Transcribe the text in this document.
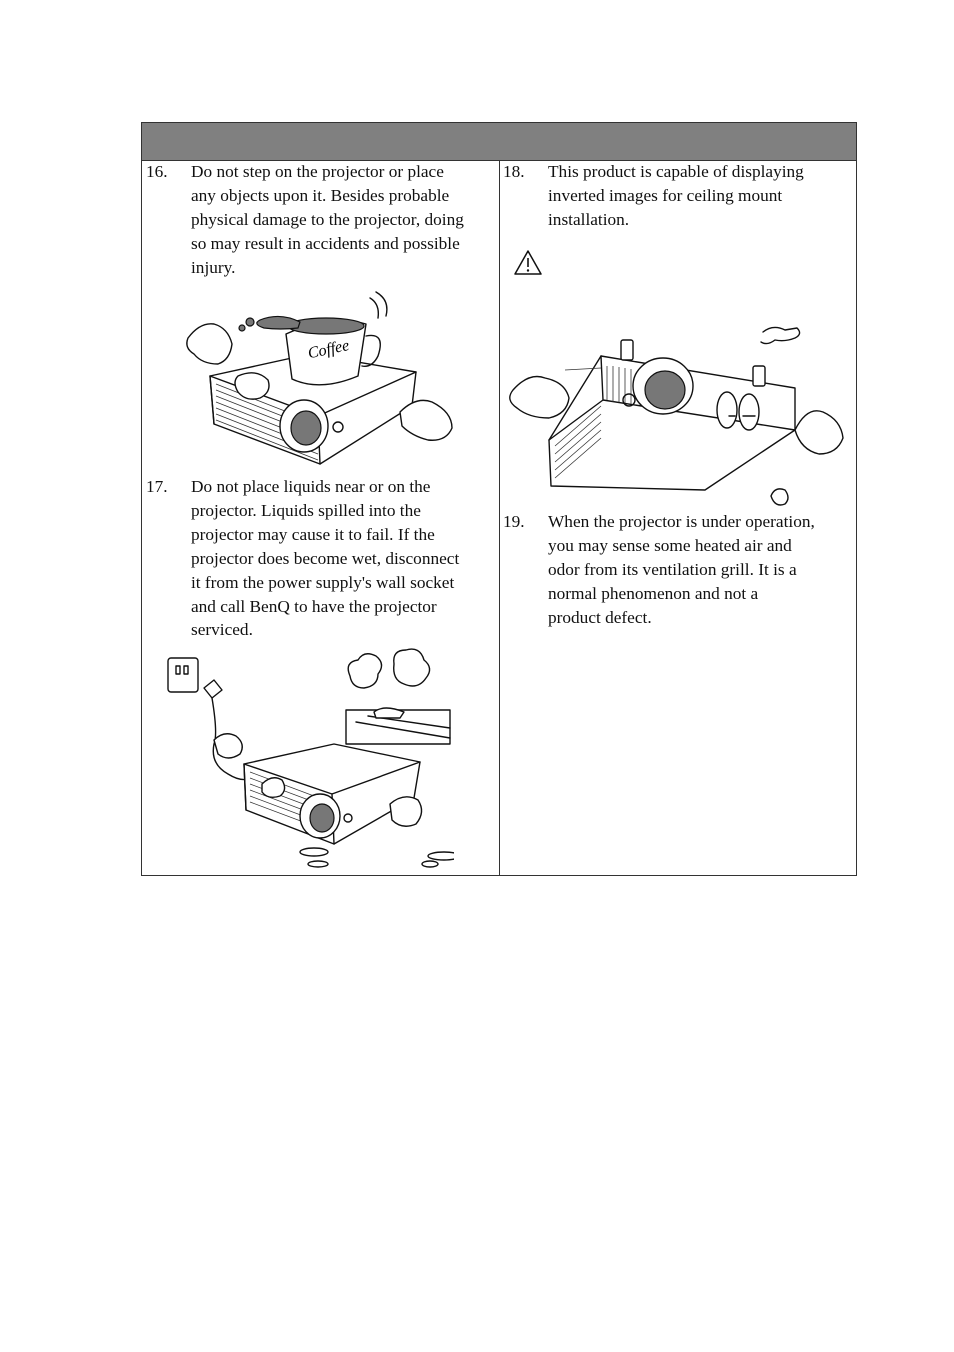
16. Do not step on the projector or place
any objects upon it. Besides probable
physical damage to the projector, doing
so may result in accidents and possible
injury.
Coffee
17. Do not place liquids near or on the
projector. Liquids spilled into the
projector may cause it to fail. If the
projector does become wet, disconnect
it from the power supply's wall socket
and call BenQ to have the projector
serviced.
18. This product is capable of displaying
inverted images for ceiling mount
installation.
19. When the projector is under operation,
you may sense some heated air and
odor from its ventilation grill. It is a
normal phenomenon and not a
product defect.
